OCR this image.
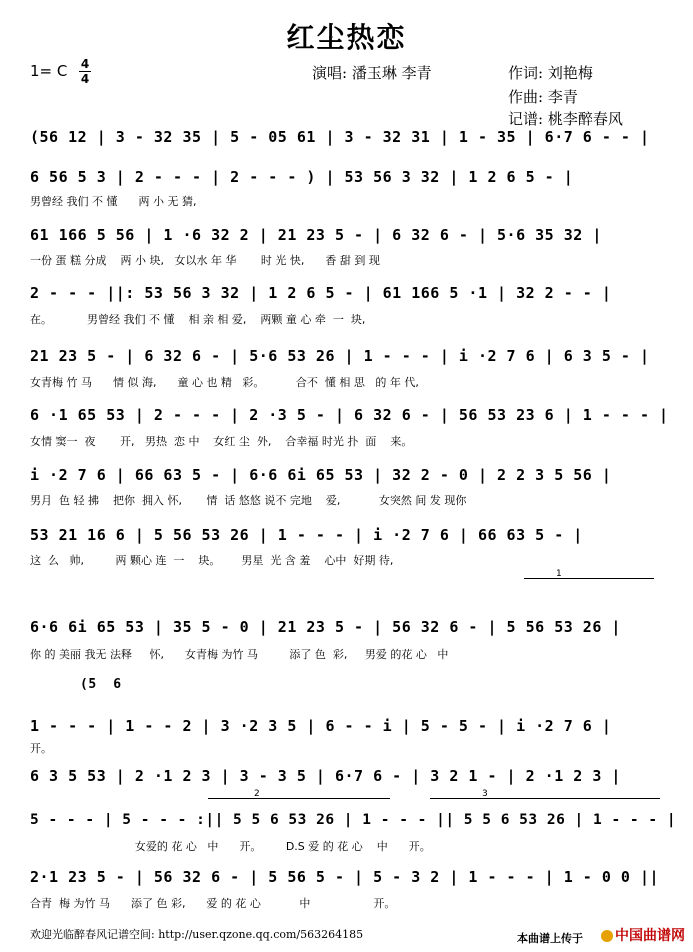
红尘热恋
1= C 4
4	演唱: 潘玉琳 李青	作词: 刘艳梅
作曲: 李青
记谱: 桃李醉春风
(56 12 | 3 - 32 35 | 5 - 05 61 | 3 - 32 31 | 1 - 35 | 6·7 6 - - |
6 56 5 3 | 2 - - - | 2 - - - ) | 53 56 3 32 | 1 2 6 5 - |
男曾经 我们 不 懂      两 小 无 猜,
61 166 5 56 | 1 ·6 32 2 | 21 23 5 - | 6 32 6 - | 5·6 35 32 |
一份 蛋 糕 分成    两 小 块,   女以水 年 华       时 光 快,      香 甜 到 现
2 - - - ||: 53 56 3 32 | 1 2 6 5 - | 61 166 5 ·1 | 32 2 - - |
在。          男曾经 我们 不 懂    相 亲 相 爱,    两颗 童 心 牵  一  块,
21 23 5 - | 6 32 6 - | 5·6 53 26 | 1 - - - | i ·2 7 6 | 6 3 5 - |
女青梅 竹 马      情 似 海,      童 心 也 精   彩。         合不  懂 相 思   的 年 代,
6 ·1 65 53 | 2 - - - | 2 ·3 5 - | 6 32 6 - | 56 53 23 6 | 1 - - - |
女情 窦一  夜       开,   男热  恋 中    女红 尘  外,    合幸福 时光 扑  面    来。
i ·2 7 6 | 66 63 5 - | 6·6 6i 65 53 | 32 2 - 0 | 2 2 3 5 56 |
男月  色 轻 拂    把你  拥入 怀,       情  话 悠悠 说不 完地    爱,           女突然 间 发 现你
53 21 16 6 | 5 56 53 26 | 1 - - - | i ·2 7 6 | 66 63 5 - |
这  么   帅,         两 颗心 连  一    块。      男星  光 含 羞    心中  好期 待,
1
6·6 6i 65 53 | 35 5 - 0 | 21 23 5 - | 56 32 6 - | 5 56 53 26 |
你 的 美丽 我无 法释     怀,      女青梅 为竹 马         添了 色  彩,     男爱 的花 心   中
(5  6
1 - - - | 1 - - 2 | 3 ·2 3 5 | 6 - - i | 5 - 5 - | i ·2 7 6 |
开。
6 3 5 53 | 2 ·1 2 3 | 3 - 3 5 | 6·7 6 - | 3 2 1 - | 2 ·1 2 3 |
2	3
5 - - - | 5 - - - :|| 5 5 6 53 26 | 1 - - - || 5 5 6 53 26 | 1 - - - |
女爱的 花 心   中      开。       D.S 爱 的 花 心    中      开。
2·1 23 5 - | 56 32 6 - | 5 56 5 - | 5 - 3 2 | 1 - - - | 1 - 0 0 ||
合青  梅 为竹 马      添了 色 彩,      爱 的 花 心           中                  开。
欢迎光临醉春风记谱空间: http://user.qzone.qq.com/563264185	本曲谱上传于	中国曲谱网
